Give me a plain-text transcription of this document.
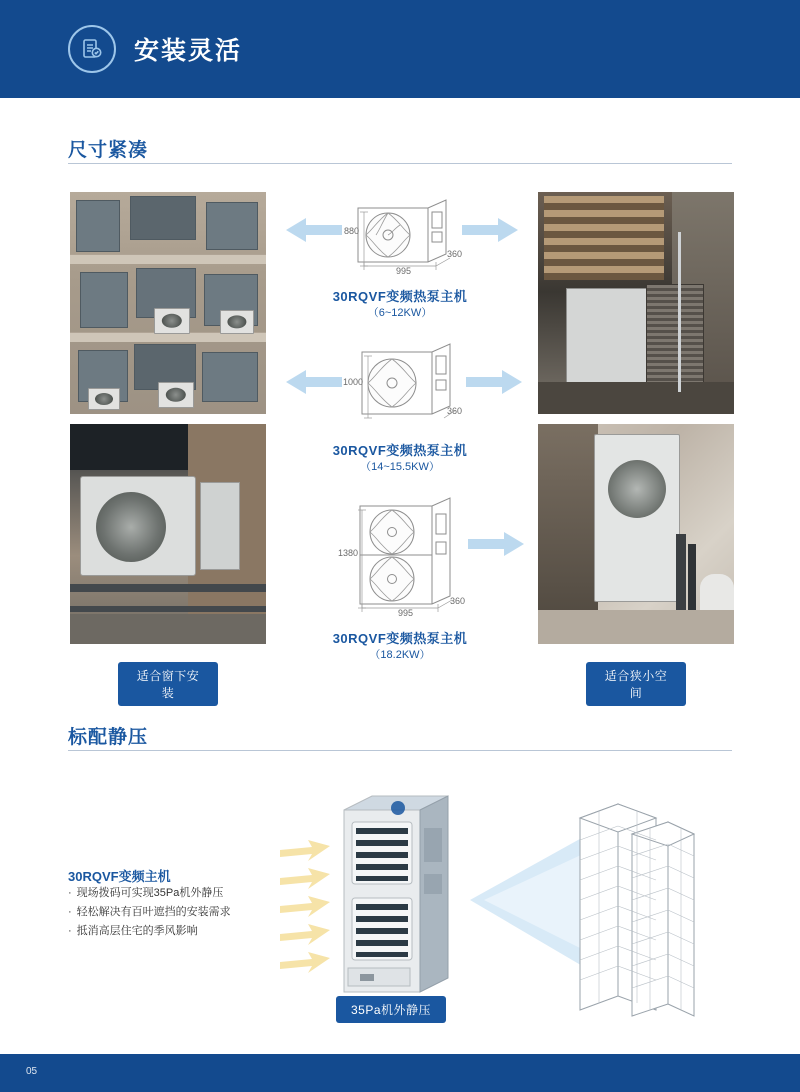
安装灵活
尺寸紧凑
880
995
360
30RQVF变频热泵主机
（6~12KW）
1000
360
30RQVF变频热泵主机
（14~15.5KW）
1380
995
360
30RQVF变频热泵主机
（18.2KW）
适合窗下安装
适合狭小空间
标配静压
30RQVF变频主机
· 现场拨码可实现35Pa机外静压
· 轻松解决有百叶遮挡的安装需求
· 抵消高层住宅的季风影响
35Pa机外静压
05
